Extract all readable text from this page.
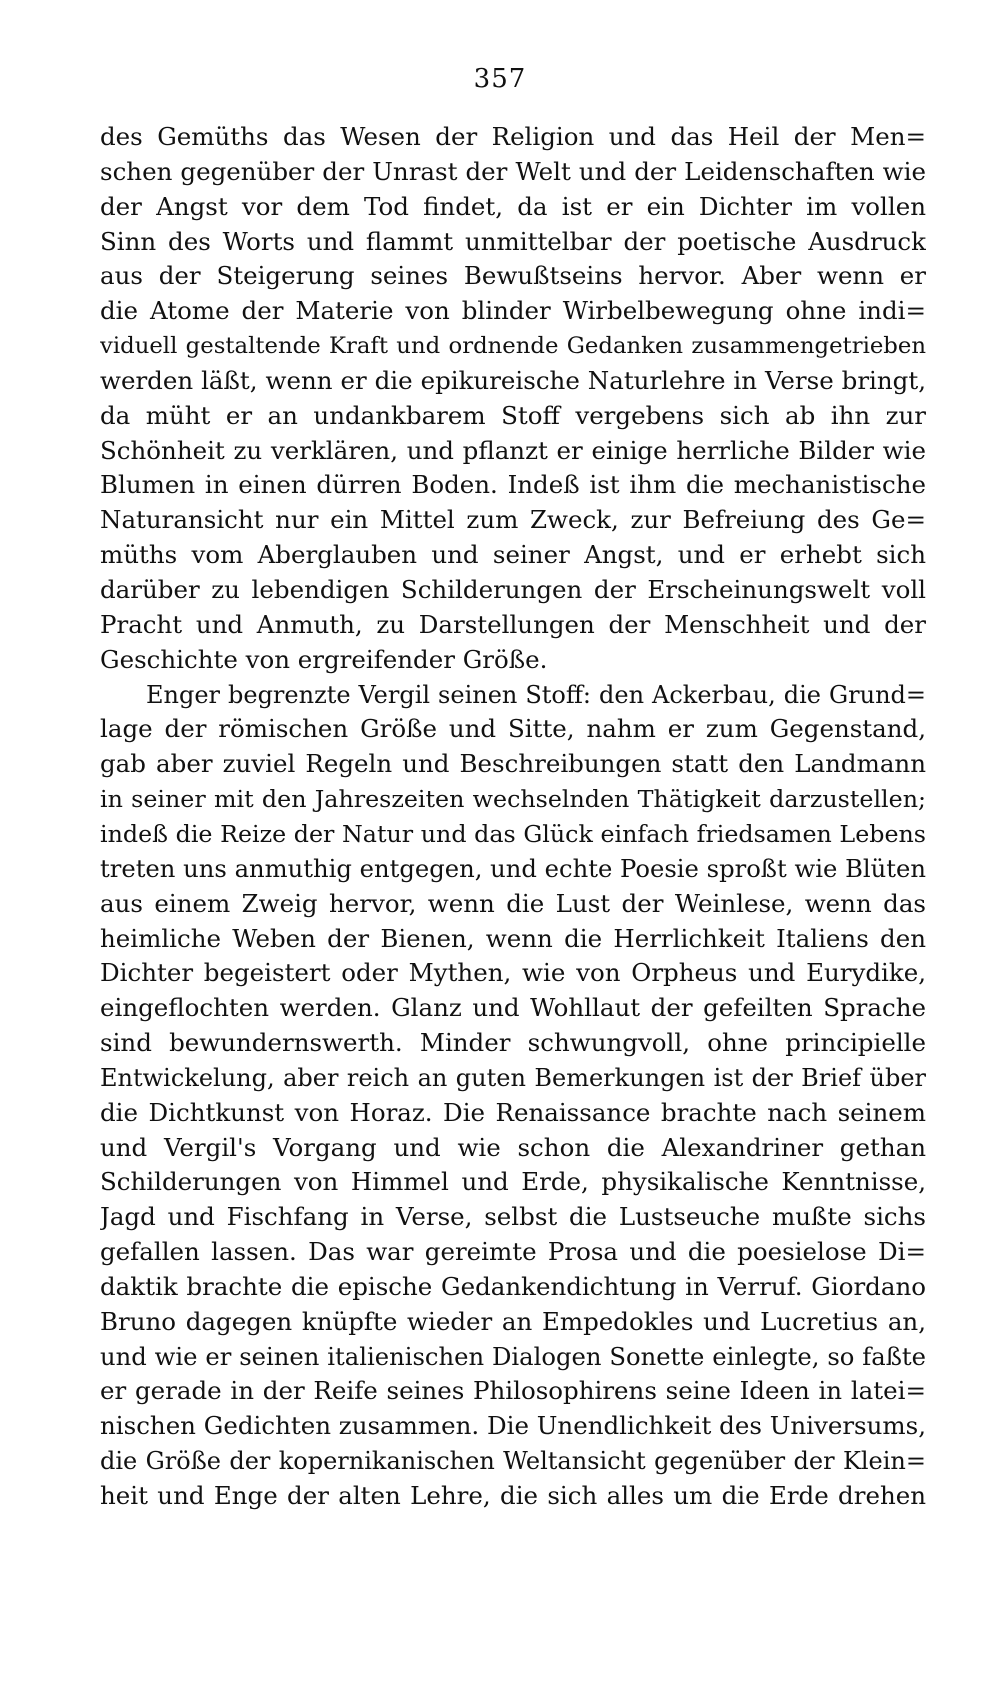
357
des Gemüths das Wesen der Religion und das Heil der Men=
schen gegenüber der Unrast der Welt und der Leidenschaften wie
der Angst vor dem Tod findet, da ist er ein Dichter im vollen
Sinn des Worts und flammt unmittelbar der poetische Ausdruck
aus der Steigerung seines Bewußtseins hervor. Aber wenn er
die Atome der Materie von blinder Wirbelbewegung ohne indi=
viduell gestaltende Kraft und ordnende Gedanken zusammengetrieben
werden läßt, wenn er die epikureische Naturlehre in Verse bringt,
da müht er an undankbarem Stoff vergebens sich ab ihn zur
Schönheit zu verklären, und pflanzt er einige herrliche Bilder wie
Blumen in einen dürren Boden. Indeß ist ihm die mechanistische
Naturansicht nur ein Mittel zum Zweck, zur Befreiung des Ge=
müths vom Aberglauben und seiner Angst, und er erhebt sich
darüber zu lebendigen Schilderungen der Erscheinungswelt voll
Pracht und Anmuth, zu Darstellungen der Menschheit und der
Geschichte von ergreifender Größe.
Enger begrenzte Vergil seinen Stoff: den Ackerbau, die Grund=
lage der römischen Größe und Sitte, nahm er zum Gegenstand,
gab aber zuviel Regeln und Beschreibungen statt den Landmann
in seiner mit den Jahreszeiten wechselnden Thätigkeit darzustellen;
indeß die Reize der Natur und das Glück einfach friedsamen Lebens
treten uns anmuthig entgegen, und echte Poesie sproßt wie Blüten
aus einem Zweig hervor, wenn die Lust der Weinlese, wenn das
heimliche Weben der Bienen, wenn die Herrlichkeit Italiens den
Dichter begeistert oder Mythen, wie von Orpheus und Eurydike,
eingeflochten werden. Glanz und Wohllaut der gefeilten Sprache
sind bewundernswerth. Minder schwungvoll, ohne principielle
Entwickelung, aber reich an guten Bemerkungen ist der Brief über
die Dichtkunst von Horaz. Die Renaissance brachte nach seinem
und Vergil's Vorgang und wie schon die Alexandriner gethan
Schilderungen von Himmel und Erde, physikalische Kenntnisse,
Jagd und Fischfang in Verse, selbst die Lustseuche mußte sichs
gefallen lassen. Das war gereimte Prosa und die poesielose Di=
daktik brachte die epische Gedankendichtung in Verruf. Giordano
Bruno dagegen knüpfte wieder an Empedokles und Lucretius an,
und wie er seinen italienischen Dialogen Sonette einlegte, so faßte
er gerade in der Reife seines Philosophirens seine Ideen in latei=
nischen Gedichten zusammen. Die Unendlichkeit des Universums,
die Größe der kopernikanischen Weltansicht gegenüber der Klein=
heit und Enge der alten Lehre, die sich alles um die Erde drehen
